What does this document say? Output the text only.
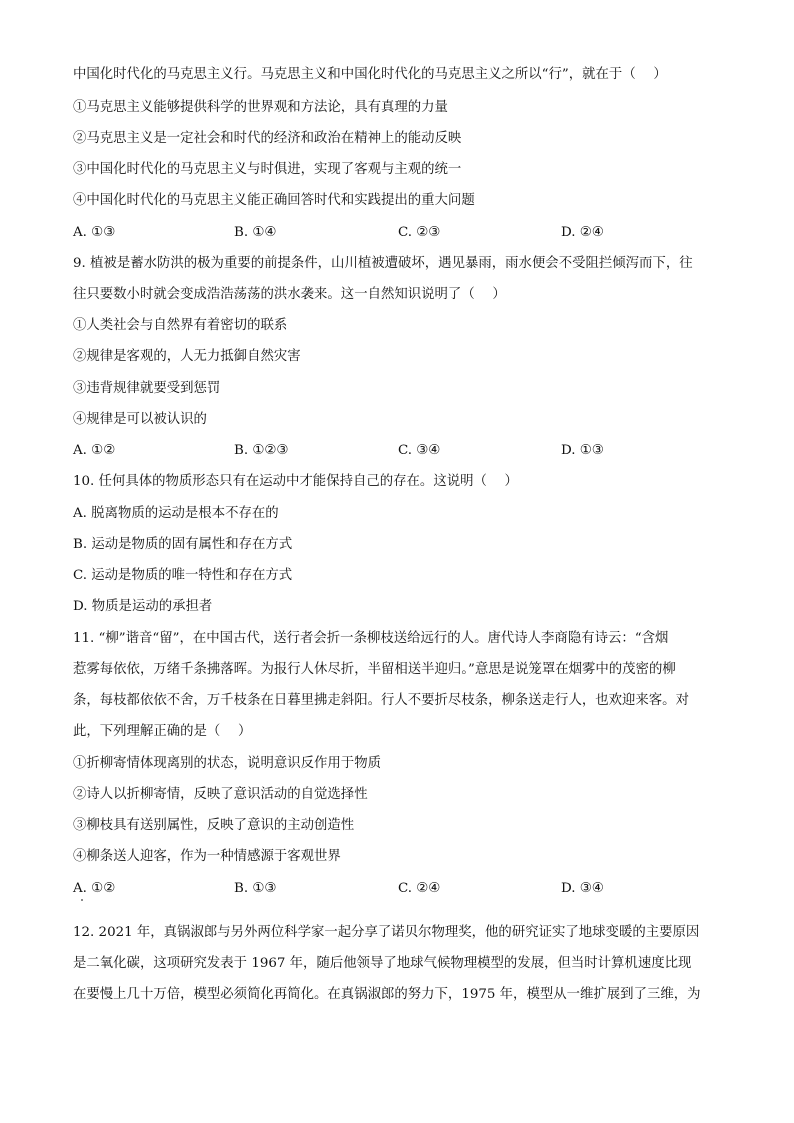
中国化时代化的马克思主义行。马克思主义和中国化时代化的马克思主义之所以“行”，就在于（　 ）
①马克思主义能够提供科学的世界观和方法论，具有真理的力量
②马克思主义是一定社会和时代的经济和政治在精神上的能动反映
③中国化时代化的马克思主义与时俱进，实现了客观与主观的统一
④中国化时代化的马克思主义能正确回答时代和实践提出的重大问题
A. ①③	B. ①④	C. ②③	D. ②④
9. 植被是蓄水防洪的极为重要的前提条件，山川植被遭破坏，遇见暴雨，雨水便会不受阻拦倾泻而下，往
往只要数小时就会变成浩浩荡荡的洪水袭来。这一自然知识说明了（　 ）
①人类社会与自然界有着密切的联系
②规律是客观的，人无力抵御自然灾害
③违背规律就要受到惩罚
④规律是可以被认识的
A. ①②	B. ①②③	C. ③④	D. ①③
10. 任何具体的物质形态只有在运动中才能保持自己的存在。这说明（　 ）
A. 脱离物质的运动是根本不存在的
B. 运动是物质的固有属性和存在方式
C. 运动是物质的唯一特性和存在方式
D. 物质是运动的承担者
11. “柳”谐音“留”，在中国古代，送行者会折一条柳枝送给远行的人。唐代诗人李商隐有诗云：“含烟
惹雾每依依，万绪千条拂落晖。为报行人休尽折，半留相送半迎归。”意思是说笼罩在烟雾中的茂密的柳
条，每枝都依依不舍，万千枝条在日暮里拂走斜阳。行人不要折尽枝条，柳条送走行人，也欢迎来客。对
此，下列理解正确的是（　 ）
①折柳寄情体现离别的状态，说明意识反作用于物质
②诗人以折柳寄情，反映了意识活动的自觉选择性
③柳枝具有送别属性，反映了意识的主动创造性
④柳条送人迎客，作为一种情感源于客观世界
A. ①②	B. ①③	C. ②④	D. ③④
12. 2021 年，真锅淑郎与另外两位科学家一起分享了诺贝尔物理奖，他的研究证实了地球变暖的主要原因
是二氧化碳，这项研究发表于 1967 年，随后他领导了地球气候物理模型的发展，但当时计算机速度比现
在要慢上几十万倍，模型必须简化再简化。在真锅淑郎的努力下，1975 年，模型从一维扩展到了三维，为
